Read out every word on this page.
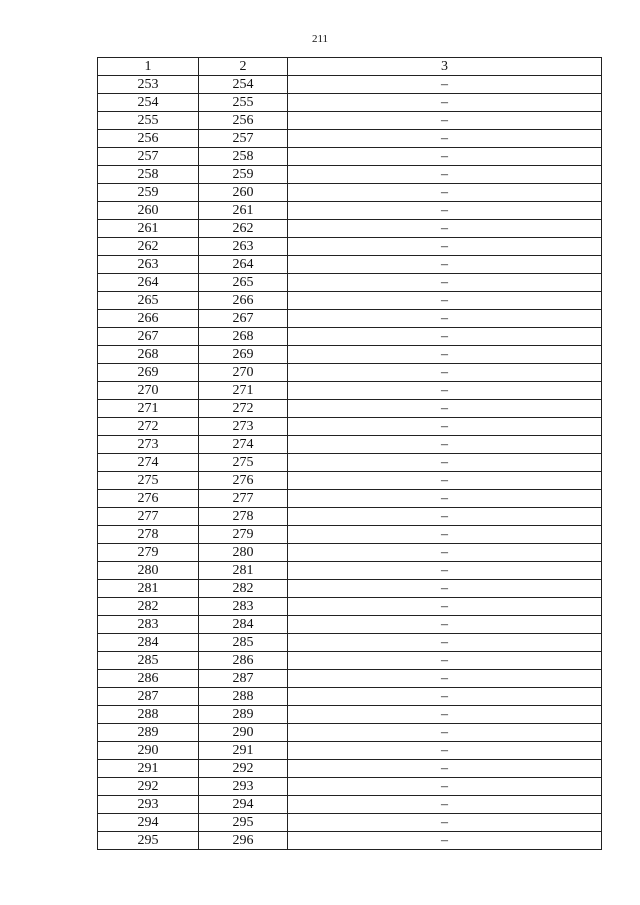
211
1	2	3
253	254	–
254	255	–
255	256	–
256	257	–
257	258	–
258	259	–
259	260	–
260	261	–
261	262	–
262	263	–
263	264	–
264	265	–
265	266	–
266	267	–
267	268	–
268	269	–
269	270	–
270	271	–
271	272	–
272	273	–
273	274	–
274	275	–
275	276	–
276	277	–
277	278	–
278	279	–
279	280	–
280	281	–
281	282	–
282	283	–
283	284	–
284	285	–
285	286	–
286	287	–
287	288	–
288	289	–
289	290	–
290	291	–
291	292	–
292	293	–
293	294	–
294	295	–
295	296	–
